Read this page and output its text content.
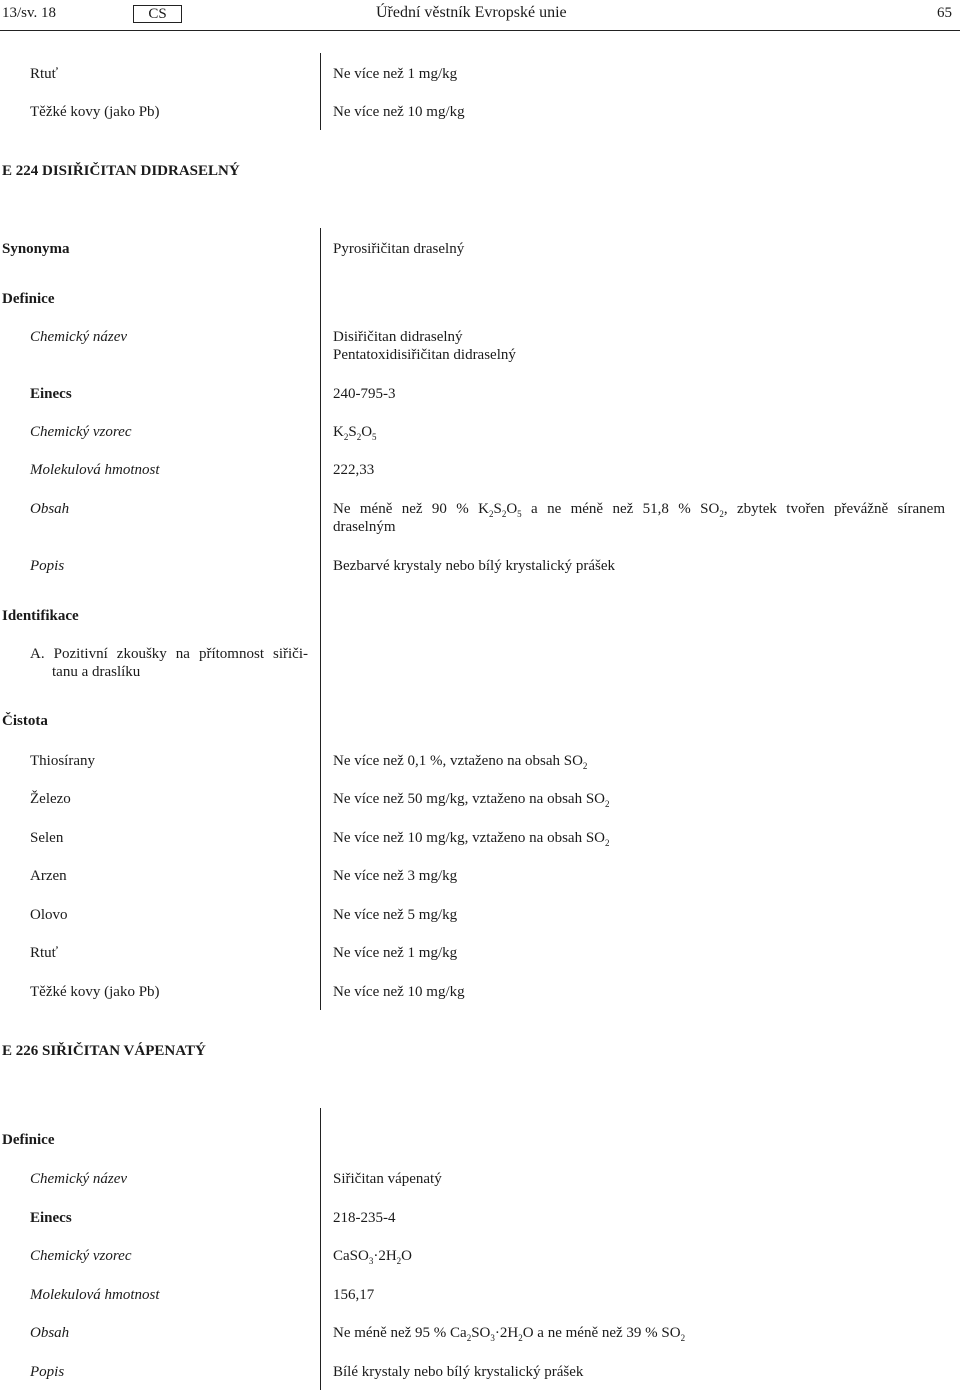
13/sv. 18	CS	Úřední věstník Evropské unie	65
Rtuť	Ne více než 1 mg/kg
Těžké kovy (jako Pb)	Ne více než 10 mg/kg
E 224 DISIŘIČITAN DIDRASELNÝ
Synonyma	Pyrosiřičitan draselný
Definice
Chemický název	Disiřičitan didraselný
Pentatoxidisiřičitan didraselný
Einecs	240-795-3
Chemický vzorec	$K_2S_2O_5$
Molekulová hmotnost	222,33
Obsah	Ne méně než 90 % $K_2S_2O_5$ a ne méně než 51,8 % $SO_2$, zbytek tvořen převážně síranem
draselným
Popis	Bezbarvé krystaly nebo bílý krystalický prášek
Identifikace
A. Pozitivní zkoušky na přítomnost siřiči-
tanu a draslíku
Čistota
Thiosírany	Ne více než 0,1 %, vztaženo na obsah $SO_2$
Železo	Ne více než 50 mg/kg, vztaženo na obsah $SO_2$
Selen	Ne více než 10 mg/kg, vztaženo na obsah $SO_2$
Arzen	Ne více než 3 mg/kg
Olovo	Ne více než 5 mg/kg
Rtuť	Ne více než 1 mg/kg
Těžké kovy (jako Pb)	Ne více než 10 mg/kg
E 226 SIŘIČITAN VÁPENATÝ
Definice
Chemický název	Siřičitan vápenatý
Einecs	218-235-4
Chemický vzorec	$CaSO_3\cdot 2H_2O$
Molekulová hmotnost	156,17
Obsah	Ne méně než 95 % $Ca_2SO_3\cdot 2H_2O$ a ne méně než 39 % $SO_2$
Popis	Bílé krystaly nebo bílý krystalický prášek
